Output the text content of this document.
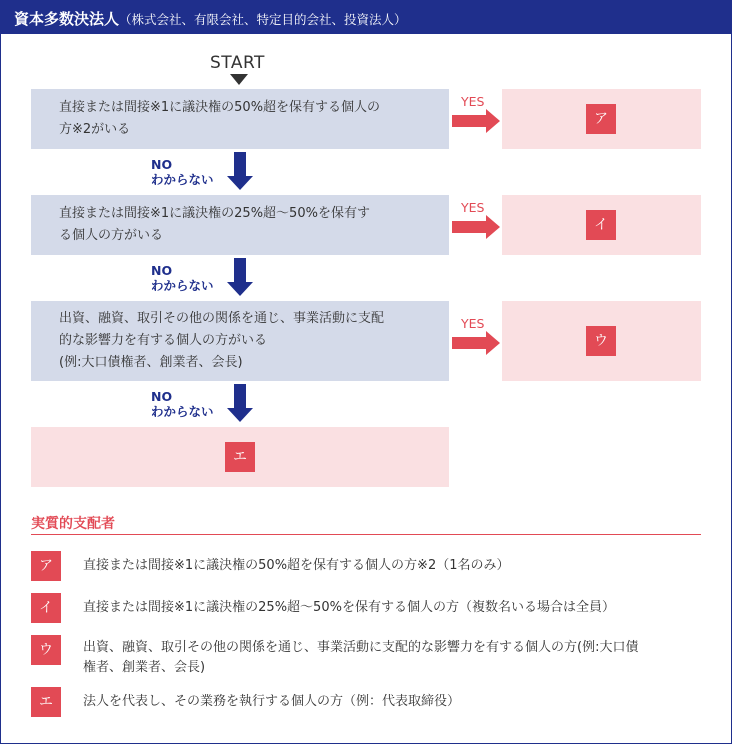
資本多数決法人（株式会社、有限会社、特定目的会社、投資法人）
START
直接または間接※1に議決権の50%超を保有する個人の
方※2がいる
YES
ア
NO
わからない
直接または間接※1に議決権の25%超～50%を保有す
る個人の方がいる
YES
イ
NO
わからない
出資、融資、取引その他の関係を通じ、事業活動に支配
的な影響力を有する個人の方がいる
(例:大口債権者、創業者、会長)
YES
ウ
NO
わからない
エ
実質的支配者
ア	直接または間接※1に議決権の50%超を保有する個人の方※2（1名のみ）
イ	直接または間接※1に議決権の25%超～50%を保有する個人の方（複数名いる場合は全員）
ウ	出資、融資、取引その他の関係を通じ、事業活動に支配的な影響力を有する個人の方(例:大口債
権者、創業者、会長)
エ	法人を代表し、その業務を執行する個人の方（例：代表取締役）
